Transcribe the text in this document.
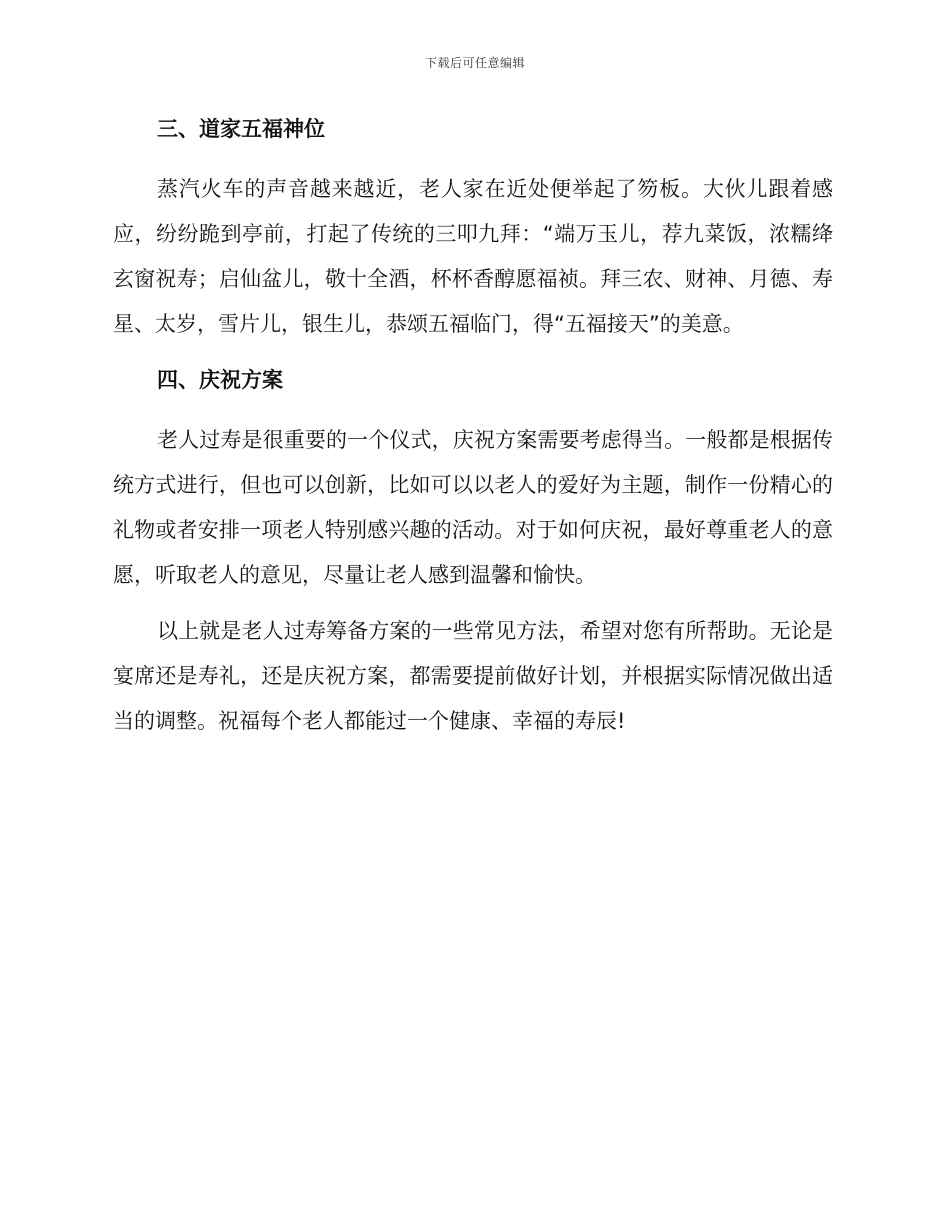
下载后可任意编辑
三、道家五福神位

蒸汽火车的声音越来越近，老人家在近处便举起了笏板。大伙儿跟着感应，纷纷跪到亭前，打起了传统的三叩九拜：“端万玉儿，荐九菜饭，浓糯绛玄窗祝寿；启仙盆儿，敬十全酒，杯杯香醇愿福祯。拜三农、财神、月德、寿星、太岁，雪片儿，银生儿，恭颂五福临门，得“五福接天”的美意。

四、庆祝方案

老人过寿是很重要的一个仪式，庆祝方案需要考虑得当。一般都是根据传统方式进行，但也可以创新，比如可以以老人的爱好为主题，制作一份精心的礼物或者安排一项老人特别感兴趣的活动。对于如何庆祝，最好尊重老人的意愿，听取老人的意见，尽量让老人感到温馨和愉快。

以上就是老人过寿筹备方案的一些常见方法，希望对您有所帮助。无论是宴席还是寿礼，还是庆祝方案，都需要提前做好计划，并根据实际情况做出适当的调整。祝福每个老人都能过一个健康、幸福的寿辰!
